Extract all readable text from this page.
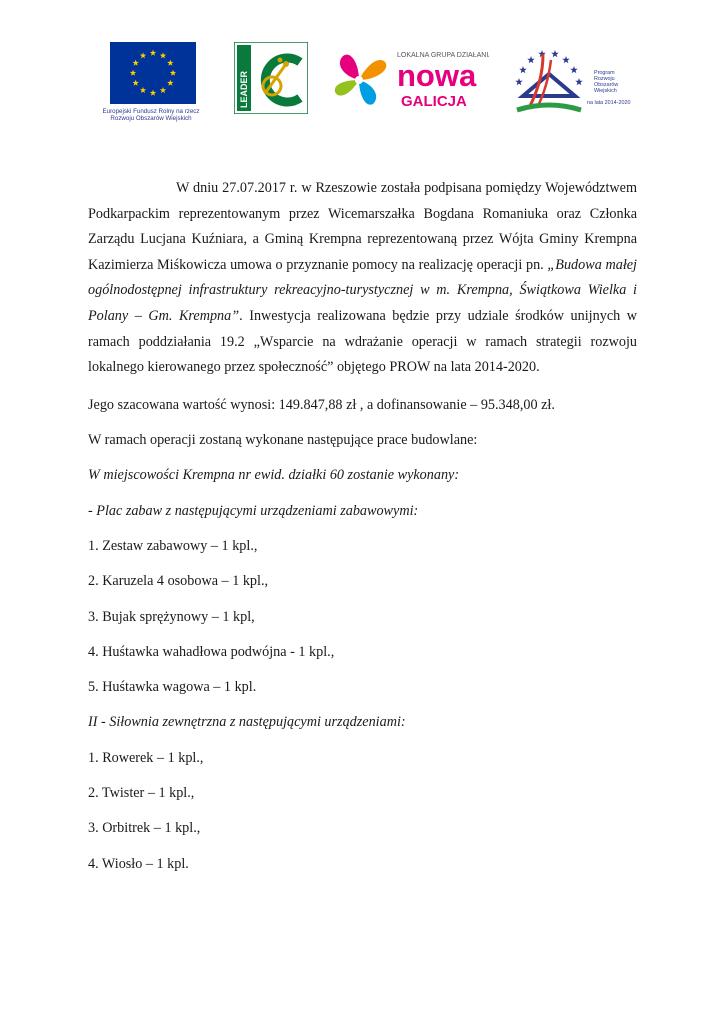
Europejski Fundusz Rolny na rzecz
Rozwoju Obszarów Wiejskich
LEADER
LOKALNA GRUPA DZIAŁANIA
nowa
GALICJA
Program
Rozwoju
Obszarów
Wiejskich
na lata 2014-2020

W dniu 27.07.2017 r. w Rzeszowie została podpisana pomiędzy Województwem Podkarpackim reprezentowanym przez Wicemarszałka Bogdana Romaniuka oraz Członka Zarządu Lucjana Kuźniara, a Gminą Krempna reprezentowaną przez Wójta Gminy Krempna Kazimierza Miśkowicza umowa o przyznanie pomocy na realizację operacji pn. „Budowa małej ogólnodostępnej infrastruktury rekreacyjno-turystycznej w m. Krempna, Świątkowa Wielka i Polany – Gm. Krempna”. Inwestycja realizowana będzie przy udziale środków unijnych w ramach poddziałania 19.2 „Wsparcie na wdrażanie operacji w ramach strategii rozwoju lokalnego kierowanego przez społeczność” objętego PROW na lata 2014-2020.

Jego szacowana wartość wynosi: 149.847,88 zł , a dofinansowanie – 95.348,00 zł.

W ramach operacji zostaną wykonane następujące prace budowlane:

W miejscowości Krempna nr ewid. działki 60 zostanie wykonany:

- Plac zabaw z następującymi urządzeniami zabawowymi:

1. Zestaw zabawowy – 1 kpl.,

2. Karuzela 4 osobowa – 1 kpl.,

3. Bujak sprężynowy – 1 kpl,

4. Huśtawka wahadłowa podwójna - 1 kpl.,

5. Huśtawka wagowa – 1 kpl.

II - Siłownia zewnętrzna z następującymi urządzeniami:

1. Rowerek – 1 kpl.,

2. Twister – 1 kpl.,

3. Orbitrek – 1 kpl.,

4. Wiosło – 1 kpl.
